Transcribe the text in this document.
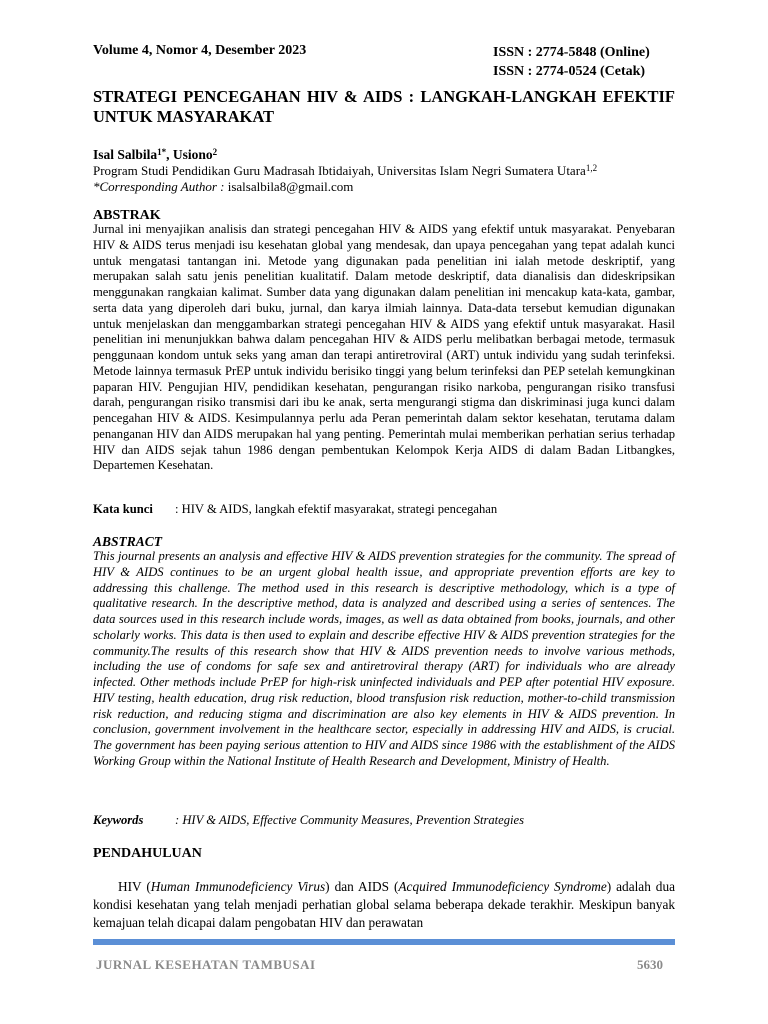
Volume 4, Nomor 4, Desember 2023	ISSN : 2774-5848 (Online)
ISSN : 2774-0524 (Cetak)
STRATEGI PENCEGAHAN HIV & AIDS : LANGKAH-LANGKAH EFEKTIF UNTUK MASYARAKAT
Isal Salbila$^{1*}$, Usiono$^2$
Program Studi Pendidikan Guru Madrasah Ibtidaiyah, Universitas Islam Negri Sumatera Utara$^{1,2}$
*Corresponding Author : isalsalbila8@gmail.com
ABSTRAK

Jurnal ini menyajikan analisis dan strategi pencegahan HIV & AIDS yang efektif untuk masyarakat. Penyebaran HIV & AIDS terus menjadi isu kesehatan global yang mendesak, dan upaya pencegahan yang tepat adalah kunci untuk mengatasi tantangan ini. Metode yang digunakan pada penelitian ini ialah metode deskriptif, yang merupakan salah satu jenis penelitian kualitatif. Dalam metode deskriptif, data dianalisis dan dideskripsikan menggunakan rangkaian kalimat. Sumber data yang digunakan dalam penelitian ini mencakup kata-kata, gambar, serta data yang diperoleh dari buku, jurnal, dan karya ilmiah lainnya. Data-data tersebut kemudian digunakan untuk menjelaskan dan menggambarkan strategi pencegahan HIV & AIDS yang efektif untuk masyarakat. Hasil penelitian ini menunjukkan bahwa dalam pencegahan HIV & AIDS perlu melibatkan berbagai metode, termasuk penggunaan kondom untuk seks yang aman dan terapi antiretroviral (ART) untuk individu yang sudah terinfeksi. Metode lainnya termasuk PrEP untuk individu berisiko tinggi yang belum terinfeksi dan PEP setelah kemungkinan paparan HIV. Pengujian HIV, pendidikan kesehatan, pengurangan risiko narkoba, pengurangan risiko transfusi darah, pengurangan risiko transmisi dari ibu ke anak, serta mengurangi stigma dan diskriminasi juga kunci dalam pencegahan HIV & AIDS. Kesimpulannya perlu ada Peran pemerintah dalam sektor kesehatan, terutama dalam penanganan HIV dan AIDS merupakan hal yang penting. Pemerintah mulai memberikan perhatian serius terhadap HIV dan AIDS sejak tahun 1986 dengan pembentukan Kelompok Kerja AIDS di dalam Badan Litbangkes, Departemen Kesehatan.

Kata kunci : HIV & AIDS, langkah efektif masyarakat, strategi pencegahan
ABSTRACT

This journal presents an analysis and effective HIV & AIDS prevention strategies for the community. The spread of HIV & AIDS continues to be an urgent global health issue, and appropriate prevention efforts are key to addressing this challenge. The method used in this research is descriptive methodology, which is a type of qualitative research. In the descriptive method, data is analyzed and described using a series of sentences. The data sources used in this research include words, images, as well as data obtained from books, journals, and other scholarly works. This data is then used to explain and describe effective HIV & AIDS prevention strategies for the community.The results of this research show that HIV & AIDS prevention needs to involve various methods, including the use of condoms for safe sex and antiretroviral therapy (ART) for individuals who are already infected. Other methods include PrEP for high-risk uninfected individuals and PEP after potential HIV exposure. HIV testing, health education, drug risk reduction, blood transfusion risk reduction, mother-to-child transmission risk reduction, and reducing stigma and discrimination are also key elements in HIV & AIDS prevention. In conclusion, government involvement in the healthcare sector, especially in addressing HIV and AIDS, is crucial. The government has been paying serious attention to HIV and AIDS since 1986 with the establishment of the AIDS Working Group within the National Institute of Health Research and Development, Ministry of Health.

Keywords	: HIV & AIDS, Effective Community Measures, Prevention Strategies
PENDAHULUAN

HIV (Human Immunodeficiency Virus) dan AIDS (Acquired Immunodeficiency Syndrome) adalah dua kondisi kesehatan yang telah menjadi perhatian global selama beberapa dekade terakhir. Meskipun banyak kemajuan telah dicapai dalam pengobatan HIV dan perawatan

JURNAL KESEHATAN TAMBUSAI	5630
